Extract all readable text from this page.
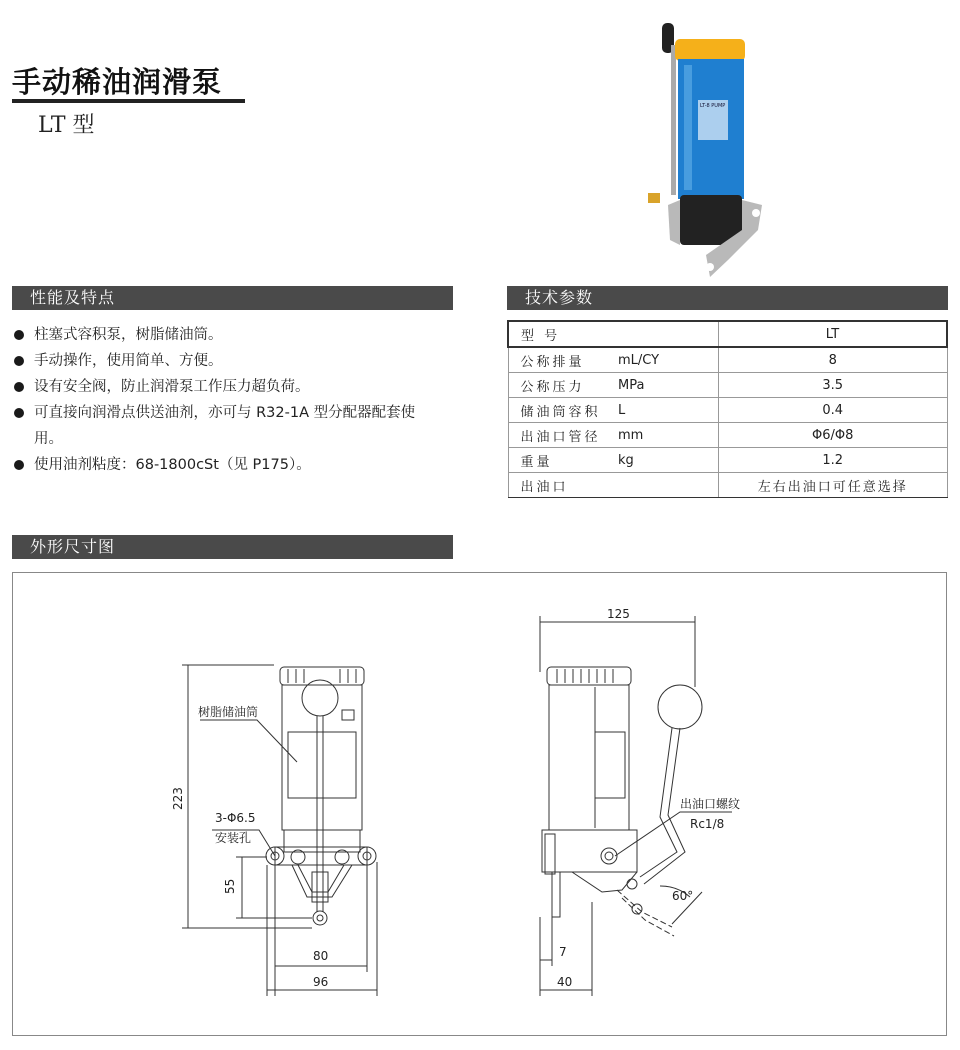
手动稀油润滑泵
LT 型
LT-8 PUMP
性能及特点
柱塞式容积泵，树脂储油筒。
手动操作，使用简单、方便。
设有安全阀，防止润滑泵工作压力超负荷。
可直接向润滑点供送油剂，亦可与 R32-1A 型分配器配套使用。
使用油剂粘度：68-1800cSt（见 P175）。
技术参数
型 号		LT
公称排量	mL/CY	8
公称压力	MPa	3.5
储油筒容积	L	0.4
出油口管径	mm	Φ6/Φ8
重量	kg	1.2
出油口		左右出油口可任意选择
外形尺寸图
树脂储油筒
3-Φ6.5
安装孔
223
55
80
96
125
出油口螺纹
Rc1/8
60°
7
40
